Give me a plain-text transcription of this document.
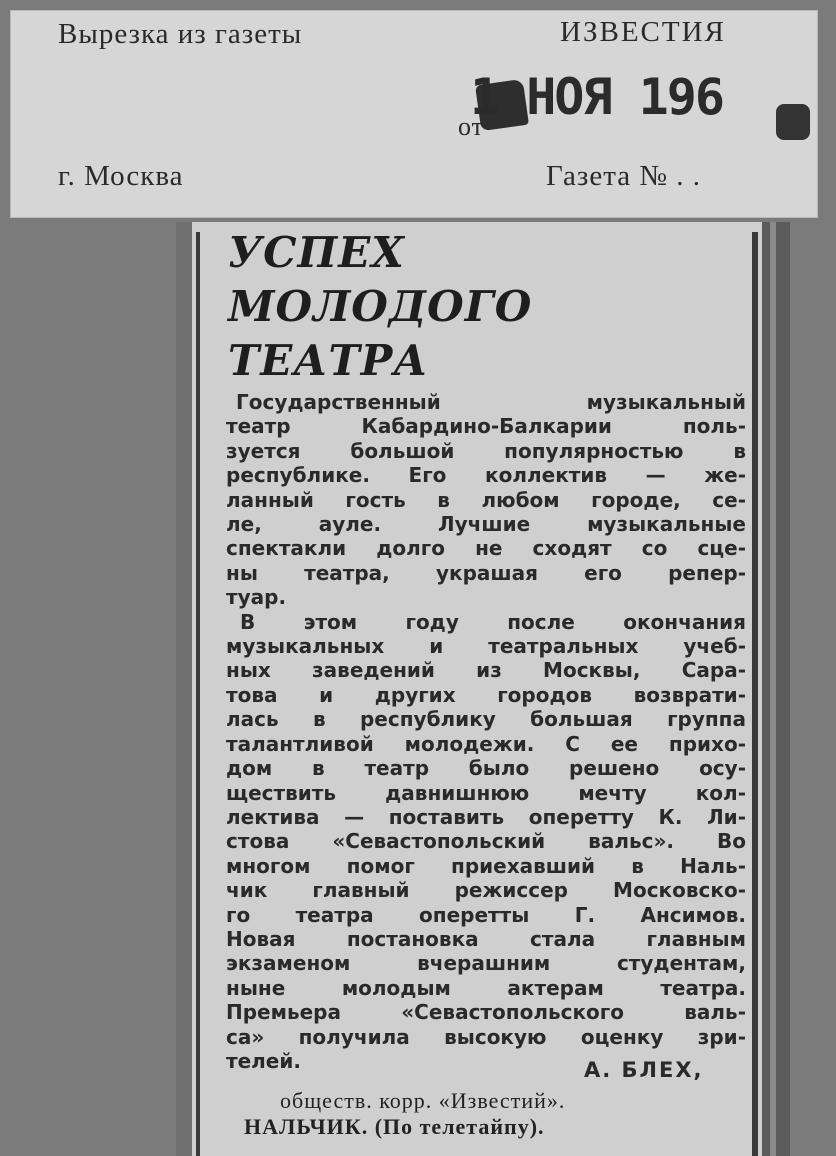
Вырезка из газеты	ИЗВЕСТИЯ
1 НОЯ 196
от
г. Москва	Газета № . .
УСПЕХ
МОЛОДОГО
ТЕАТРА
Государственный музыкальный
театр Кабардино-Балкарии поль-
зуется большой популярностью в
республике. Его коллектив — же-
ланный гость в любом городе, се-
ле, ауле. Лучшие музыкальные
спектакли долго не сходят со сце-
ны театра, украшая его репер-
туар.
В этом году после окончания
музыкальных и театральных учеб-
ных заведений из Москвы, Сара-
това и других городов возврати-
лась в республику большая группа
талантливой молодежи. С ее прихо-
дом в театр было решено осу-
ществить давнишнюю мечту кол-
лектива — поставить оперетту К. Ли-
стова «Севастопольский вальс». Во
многом помог приехавший в Наль-
чик главный режиссер Московско-
го театра оперетты Г. Ансимов.
Новая постановка стала главным
экзаменом вчерашним студентам,
ныне молодым актерам театра.
Премьера «Севастопольского валь-
са» получила высокую оценку зри-
телей.	А. БЛЕХ,
обществ. корр. «Известий».
НАЛЬЧИК. (По телетайпу).
